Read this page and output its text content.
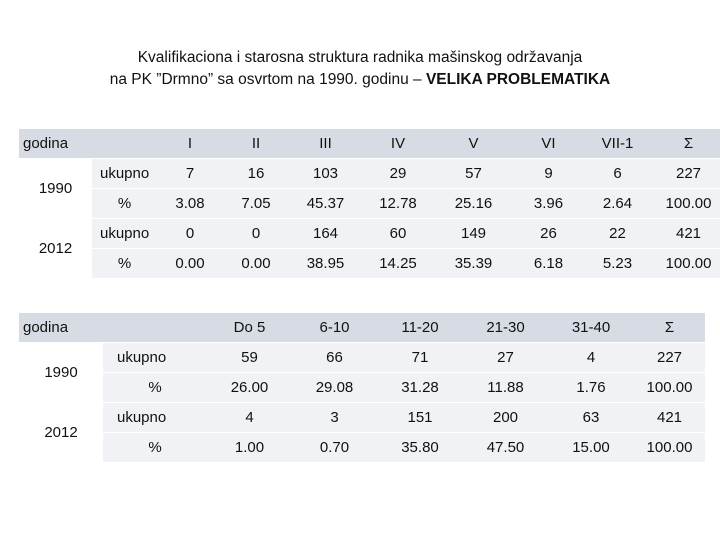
Kvalifikaciona i starosna struktura radnika mašinskog održavanja
na PK ”Drmno” sa osvrtom na 1990. godinu – VELIKA PROBLEMATIKA
godina		I	II	III	IV	V	VI	VII-1	Σ
1990	ukupno	7	16	103	29	57	9	6	227
	%	3.08	7.05	45.37	12.78	25.16	3.96	2.64	100.00
2012	ukupno	0	0	164	60	149	26	22	421
	%	0.00	0.00	38.95	14.25	35.39	6.18	5.23	100.00
godina		Do 5	6-10	11-20	21-30	31-40	Σ
1990	ukupno	59	66	71	27	4	227
	%	26.00	29.08	31.28	11.88	1.76	100.00
2012	ukupno	4	3	151	200	63	421
	%	1.00	0.70	35.80	47.50	15.00	100.00
